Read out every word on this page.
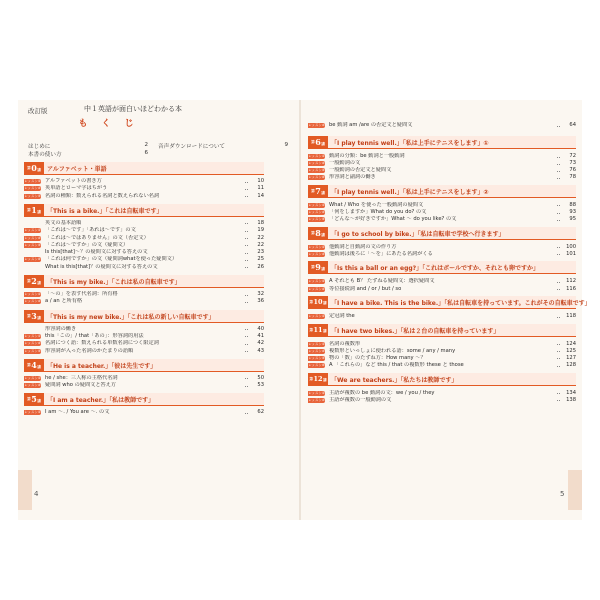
改訂版	中１英語が面白いほどわかる本
もくじ
はじめに	2
本書の使い方	6
音声ダウンロードについて	9
$^第$0講	アルファベット・単語
レッスン① アルファベットの書き方	10
レッスン② 英単語とローマ字はちがう	11
レッスン③ 名詞の種類：数えられる名詞と数えられない名詞	14
$^第$1講	「This is a bike.」「これは自転車です」
英文の基本語順	18
レッスン① 「これは～です」「あれは～です」の文	19
レッスン② 「これは～ではありません」の文（否定文）	22
レッスン③ 「これは～ですか」の文（疑問文）	22
Is this[that]～？の疑問文に対する答えの文	23
レッスン④ 「これは何ですか」の文（疑問詞whatを使った疑問文）	25
What is this[that]？の疑問文に対する答えの文	26
$^第$2講	「This is my bike.」「これは私の自転車です」
レッスン① 「～の」を表す代名詞：所有格	32
レッスン② a / an と所有格	36
$^第$3講	「This is my new bike.」「これは私の新しい自転車です」
形容詞の働き	40
レッスン① this「この」/ that「あの」：形容詞的用法	41
レッスン② 名詞につく語：数えられる単数名詞につく限定詞	42
レッスン③ 形容詞が入った名詞のかたまりの語順	43
$^第$4講	「He is a teacher.」「彼は先生です」
レッスン① he / she：三人称の主格代名詞	50
レッスン② 疑問詞 who の疑問文と答え方	53
$^第$5講	「I am a teacher.」「私は教師です」
レッスン① I am ～. / You are ～. の文	62
レッスン② be 動詞 am /are の否定文と疑問文	64
$^第$6講	「I play tennis well.」「私は上手にテニスをします」①
レッスン① 動詞の分類：be 動詞と一般動詞	72
レッスン② 一般動詞の文	73
レッスン③ 一般動詞の否定文と疑問文	76
レッスン④ 形容詞と副詞の働き	78
$^第$7講	「I play tennis well.」「私は上手にテニスをします」②
レッスン① What / Who を使った一般動詞の疑問文	88
レッスン② 「何をしますか」What do you do? の文	93
レッスン③ 「どんな～が好きですか」What ～ do you like? の文	95
$^第$8講	「I go to school by bike.」「私は自転車で学校へ行きます」
レッスン① 他動詞と自動詞の文の作り方	100
レッスン② 他動詞は後ろに「～を」にあたる名詞がくる	101
$^第$9講	「Is this a ball or an egg?」「これはボールですか、それとも卵ですか」
レッスン① A それとも B？ たずねる疑問文：選択疑問文	112
レッスン② 等位接続詞 and / or / but / so	116
$^第$10講 「I have a bike. This is the bike.」「私は自転車を持っています。これがその自転車です」
レッスン① 定冠詞 the	118
$^第$11講 「I have two bikes.」「私は２台の自転車を持っています」
レッスン① 名詞の複数形	124
レッスン② 複数形といっしょに使われる語：some / any / many	125
レッスン③ 物の「数」のたずね方：How many ～？	127
レッスン④ A 「これらの」など this / that の複数形 these と those	128
$^第$12講 「We are teachers.」「私たちは教師です」
レッスン① 主語が複数の be 動詞の文：we / you / they	134
レッスン② 主語が複数の一般動詞の文	138
4	5
